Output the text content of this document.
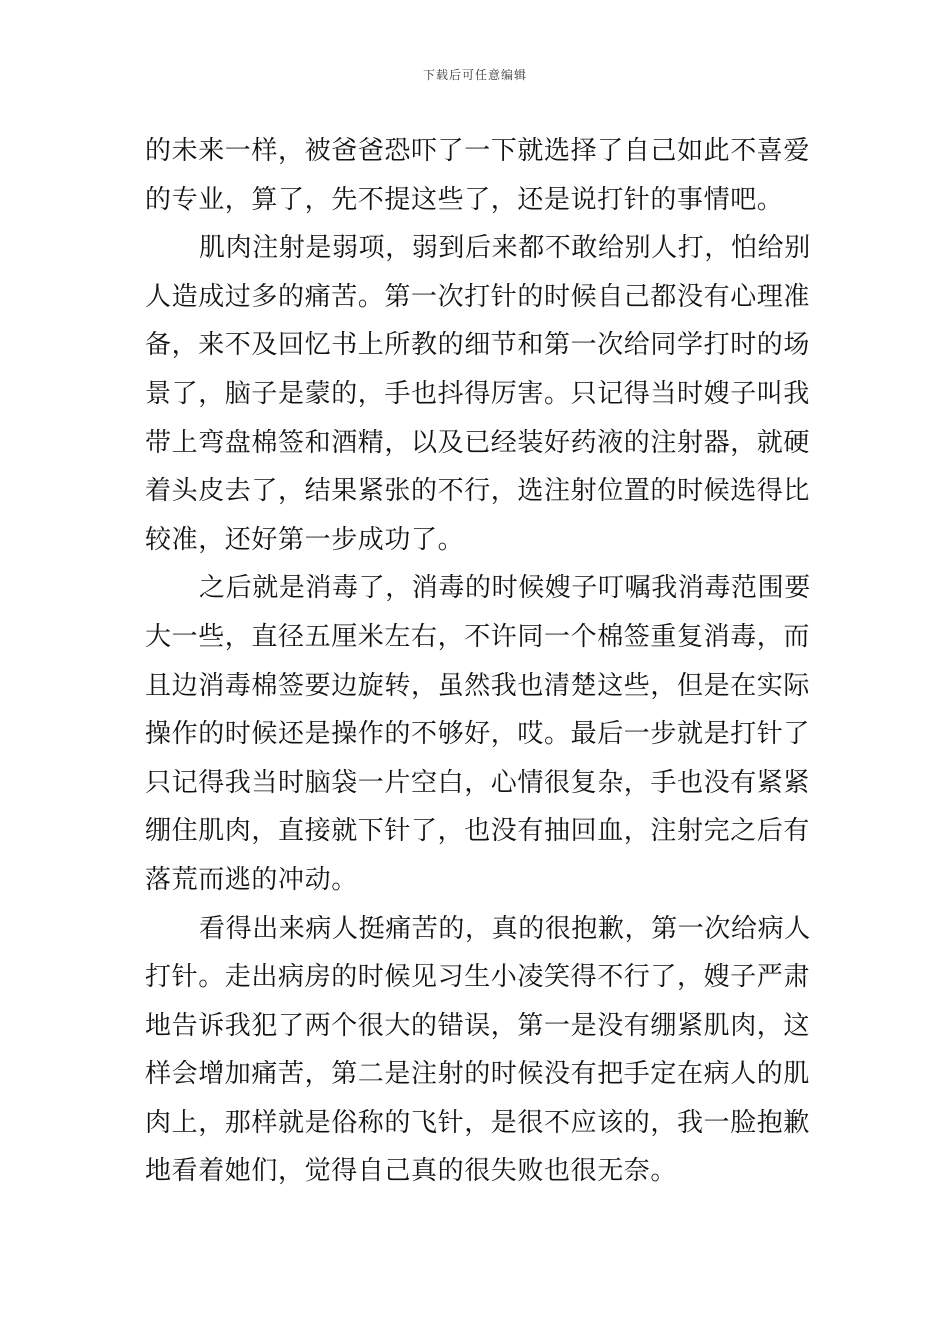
下载后可任意编辑
的未来一样，被爸爸恐吓了一下就选择了自己如此不喜爱
的专业，算了，先不提这些了，还是说打针的事情吧。
肌肉注射是弱项，弱到后来都不敢给别人打，怕给别
人造成过多的痛苦。第一次打针的时候自己都没有心理准
备，来不及回忆书上所教的细节和第一次给同学打时的场
景了，脑子是蒙的，手也抖得厉害。只记得当时嫂子叫我
带上弯盘棉签和酒精，以及已经装好药液的注射器，就硬
着头皮去了，结果紧张的不行，选注射位置的时候选得比
较准，还好第一步成功了。
之后就是消毒了，消毒的时候嫂子叮嘱我消毒范围要
大一些，直径五厘米左右，不许同一个棉签重复消毒，而
且边消毒棉签要边旋转，虽然我也清楚这些，但是在实际
操作的时候还是操作的不够好，哎。最后一步就是打针了
只记得我当时脑袋一片空白，心情很复杂，手也没有紧紧
绷住肌肉，直接就下针了，也没有抽回血，注射完之后有
落荒而逃的冲动。
看得出来病人挺痛苦的，真的很抱歉，第一次给病人
打针。走出病房的时候见习生小凌笑得不行了，嫂子严肃
地告诉我犯了两个很大的错误，第一是没有绷紧肌肉，这
样会增加痛苦，第二是注射的时候没有把手定在病人的肌
肉上，那样就是俗称的飞针，是很不应该的，我一脸抱歉
地看着她们，觉得自己真的很失败也很无奈。
